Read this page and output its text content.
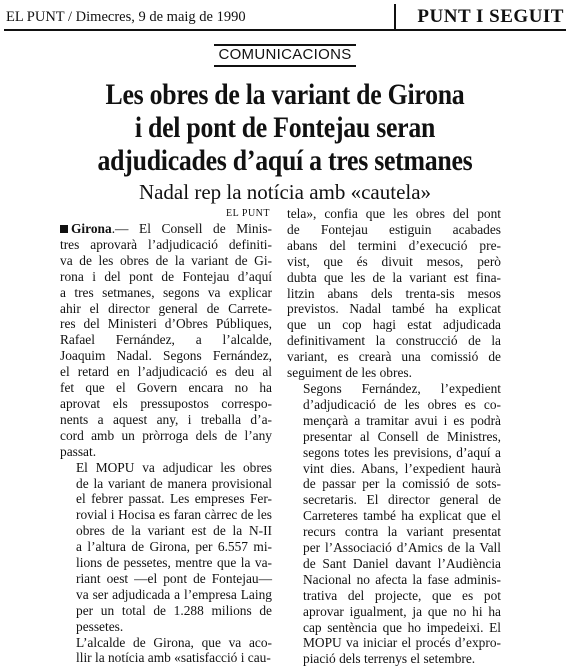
EL PUNT / Dimecres, 9 de maig de 1990	PUNT I SEGUIT
COMUNICACIONS
Les obres de la variant de Girona
i del pont de Fontejau seran
adjudicades d’aquí a tres setmanes
Nadal rep la notícia amb «cautela»
EL PUNT

Girona.— El Consell de Minis-
tres aprovarà l’adjudicació definiti-
va de les obres de la variant de Gi-
rona i del pont de Fontejau d’aquí
a tres setmanes, segons va explicar
ahir el director general de Carrete-
res del Ministeri d’Obres Públiques,
Rafael Fernández, a l’alcalde,
Joaquim Nadal. Segons Fernández,
el retard en l’adjudicació es deu al
fet que el Govern encara no ha
aprovat els pressupostos correspo-
nents a aquest any, i treballa d’a-
cord amb un pròrroga dels de l’any
passat.

El MOPU va adjudicar les obres
de la variant de manera provisional
el febrer passat. Les empreses Fer-
rovial i Hocisa es faran càrrec de les
obres de la variant est de la N-II
a l’altura de Girona, per 6.557 mi-
lions de pessetes, mentre que la va-
riant oest —el pont de Fontejau—
va ser adjudicada a l’empresa Laing
per un total de 1.288 milions de
pessetes.

L’alcalde de Girona, que va aco-
llir la notícia amb «satisfacció i cau-

tela», confia que les obres del pont
de Fontejau estiguin acabades
abans del termini d’execució pre-
vist, que és divuit mesos, però
dubta que les de la variant est fina-
litzin abans dels trenta-sis mesos
previstos. Nadal també ha explicat
que un cop hagi estat adjudicada
definitivament la construcció de la
variant, es crearà una comissió de
seguiment de les obres.

Segons Fernández, l’expedient
d’adjudicació de les obres es co-
mençarà a tramitar avui i es podrà
presentar al Consell de Ministres,
segons totes les previsions, d’aquí a
vint dies. Abans, l’expedient haurà
de passar per la comissió de sots-
secretaris. El director general de
Carreteres també ha explicat que el
recurs contra la variant presentat
per l’Associació d’Amics de la Vall
de Sant Daniel davant l’Audiència
Nacional no afecta la fase adminis-
trativa del projecte, que es pot
aprovar igualment, ja que no hi ha
cap sentència que ho impedeixi. El
MOPU va iniciar el procés d’expro-
piació dels terrenys el setembre.
